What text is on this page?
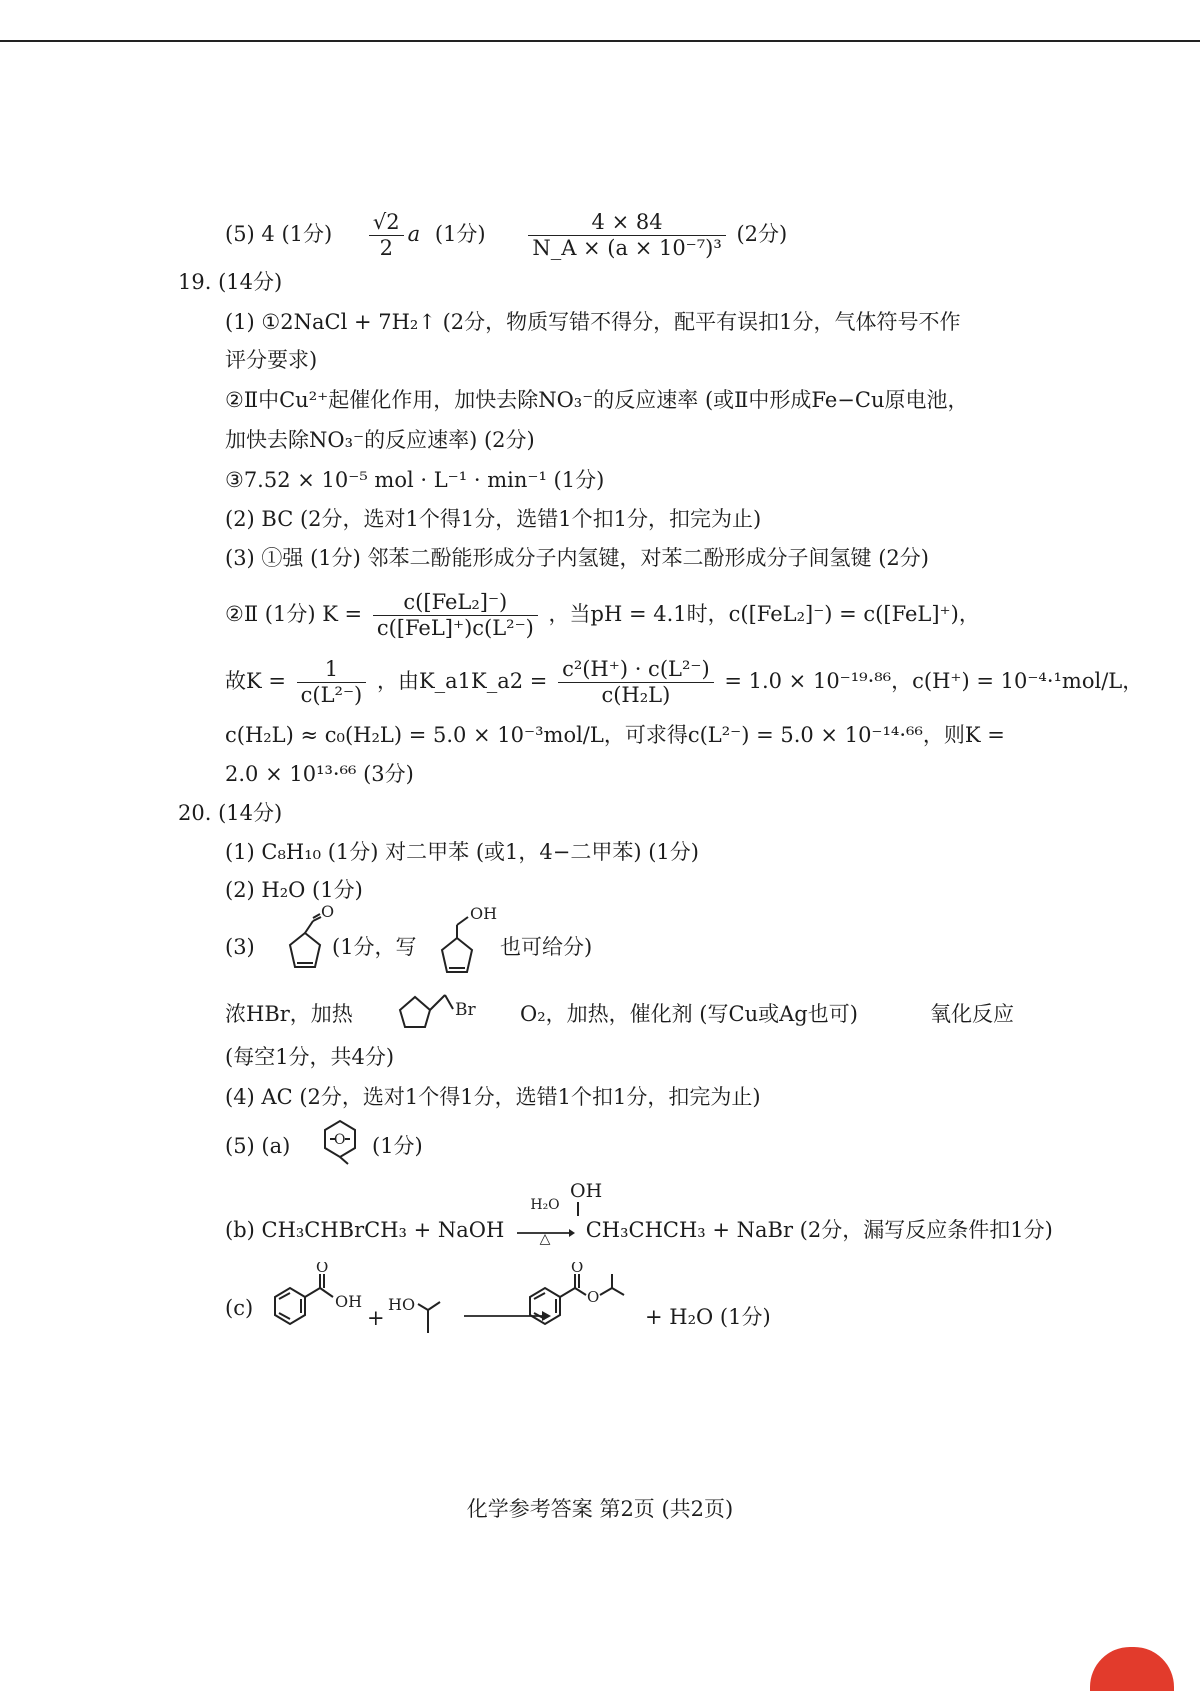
(5) 4 (1分) $\frac{√2}{2}$ a (1分) $\frac{4 \times 84}{\text{N\_A × (a × 10⁻⁷)³}} (2$分)
19. (14分)
(1) ①2NaCl + 7H₂↑ (2分，物质写错不得分，配平有误扣1分，气体符号不作
评分要求)
②Ⅱ中Cu²⁺起催化作用，加快去除NO₃⁻的反应速率 (或Ⅱ中形成Fe−Cu原电池，
加快去除NO₃⁻的反应速率) (2分)
③7.52 × 10⁻⁵ mol · L⁻¹ · min⁻¹ (1分)
(2) BC (2分，选对1个得1分，选错1个扣1分，扣完为止)
(3) ①强 (1分) 邻苯二酚能形成分子内氢键，对苯二酚形成分子间氢键 (2分)
②Ⅱ (1分) $K = \frac{\text{c([FeL₂]⁻)}}{\text{c([FeL]⁺)c(L²⁻)}}$ ，当pH = 4.1时，c([FeL₂]⁻) = c([FeL]⁺)，
故$K = \frac{1}{\text{c(L²⁻)}}$ ，由K_a1K_a2 = $\frac{\text{c²(H⁺) · c(L²⁻)}}{\text{c(H₂L)}} = 1.0 \times 10^{-19}\cdot^{86}$，c(H⁺) = 10⁻⁴·¹mol/L，
c(H₂L) ≈ c₀(H₂L) = 5.0 × 10⁻³mol/L，可求得c(L²⁻) = 5.0 × 10⁻¹⁴·⁶⁶，则K =
2.0 × 10¹³·⁶⁶ (3分)
20. (14分)
(1) C₈H₁₀ (1分) 对二甲苯 (或1，4−二甲苯) (1分)
(2) H₂O (1分)
(3)
O
(1分，写
OH
也可给分)
浓HBr，加热	Br O₂，加热，催化剂 (写Cu或Ag也可)	氧化反应
(每空1分，共4分)
(4) AC (2分，选对1个得1分，选错1个扣1分，扣完为止)
(5) (a)	O (1分)
OH
(b) CH₃CHBrCH₃ + NaOH
H₂O
△	CH₃CHCH₃ + NaBr (2分，漏写反应条件扣1分)
(c)
O
OH
+
HO
O
O
+ H₂O (1分)
化学参考答案 第2页 (共2页)
